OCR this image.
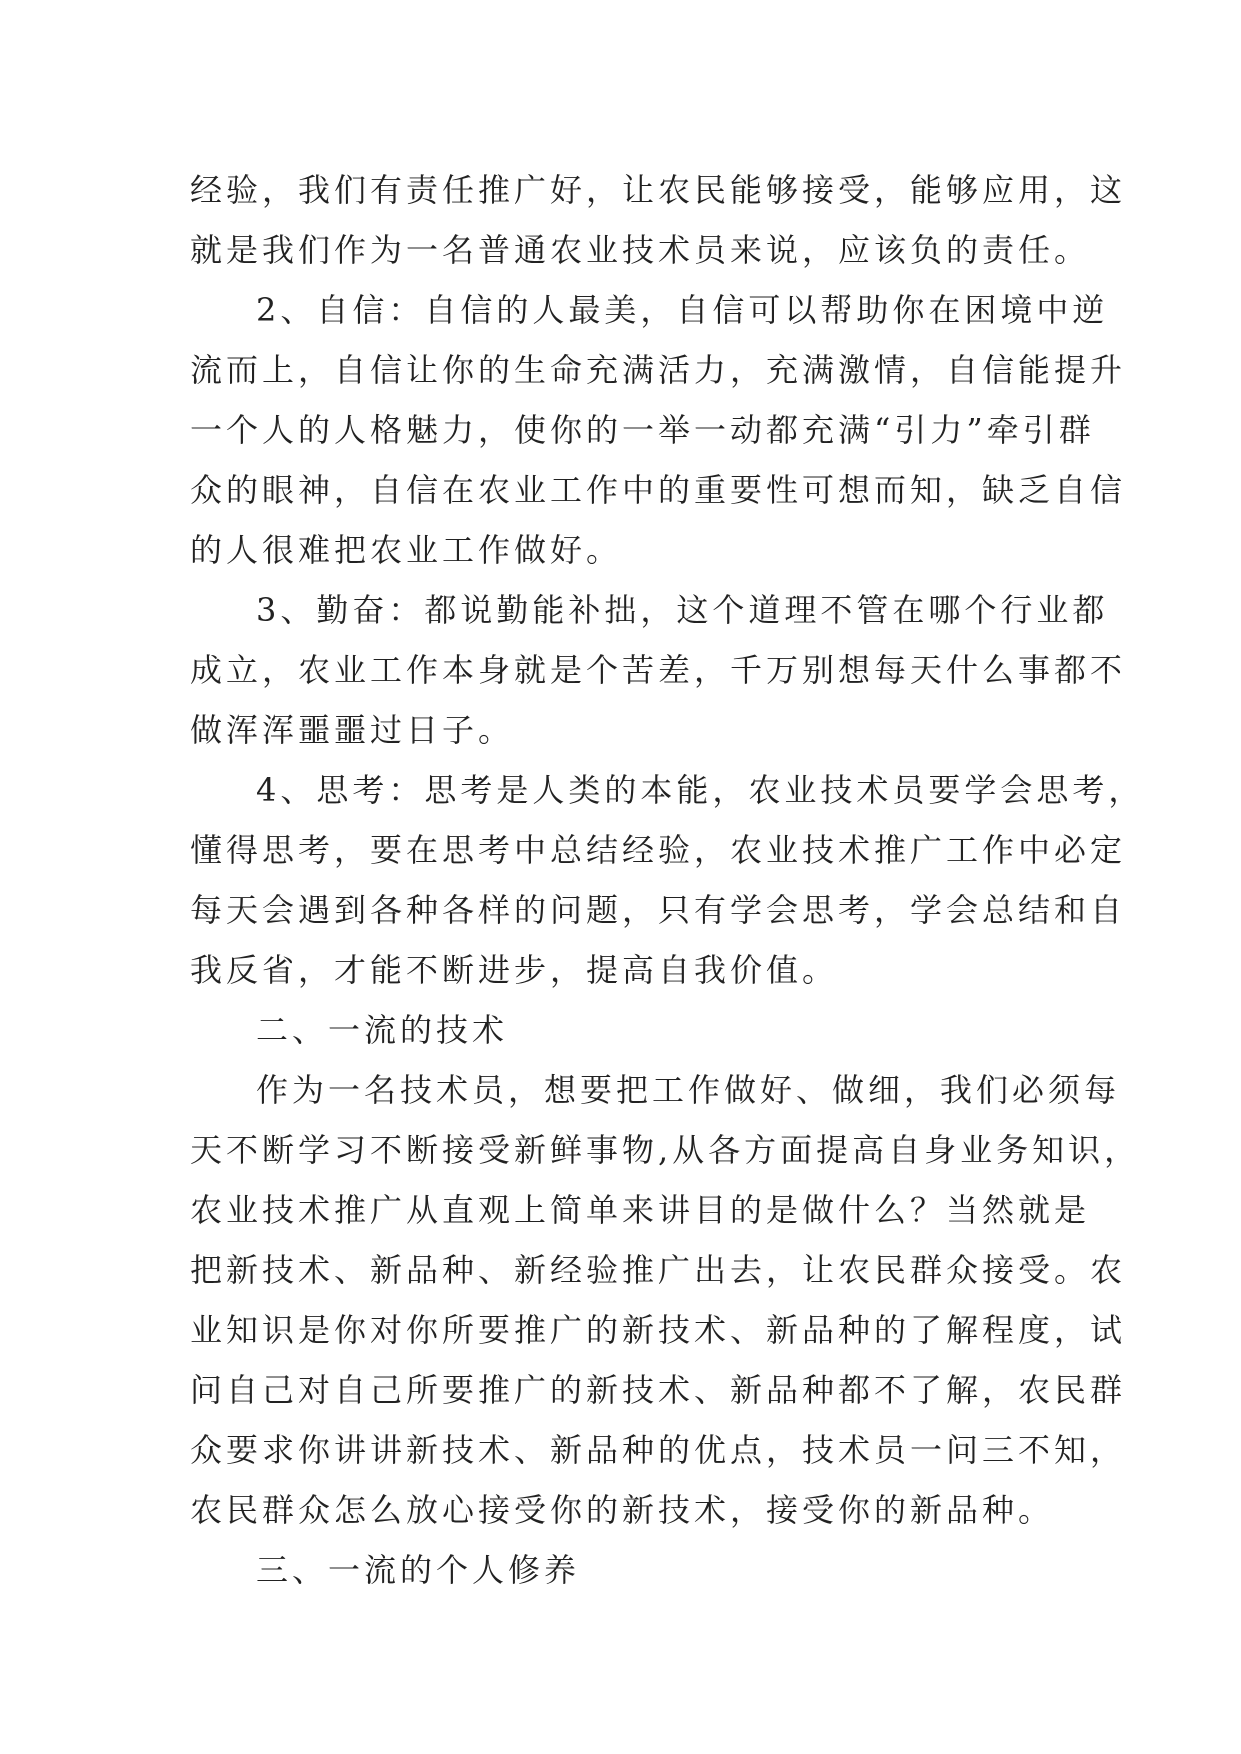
经验，我们有责任推广好，让农民能够接受，能够应用，这
就是我们作为一名普通农业技术员来说，应该负的责任。
2、自信：自信的人最美，自信可以帮助你在困境中逆
流而上，自信让你的生命充满活力，充满激情，自信能提升
一个人的人格魅力，使你的一举一动都充满“引力”牵引群
众的眼神，自信在农业工作中的重要性可想而知，缺乏自信
的人很难把农业工作做好。
3、勤奋：都说勤能补拙，这个道理不管在哪个行业都
成立，农业工作本身就是个苦差，千万别想每天什么事都不
做浑浑噩噩过日子。
4、思考：思考是人类的本能，农业技术员要学会思考，
懂得思考，要在思考中总结经验，农业技术推广工作中必定
每天会遇到各种各样的问题，只有学会思考，学会总结和自
我反省，才能不断进步，提高自我价值。
二、一流的技术
作为一名技术员，想要把工作做好、做细，我们必须每
天不断学习不断接受新鲜事物,从各方面提高自身业务知识，
农业技术推广从直观上简单来讲目的是做什么？当然就是
把新技术、新品种、新经验推广出去，让农民群众接受。农
业知识是你对你所要推广的新技术、新品种的了解程度，试
问自己对自己所要推广的新技术、新品种都不了解，农民群
众要求你讲讲新技术、新品种的优点，技术员一问三不知，
农民群众怎么放心接受你的新技术，接受你的新品种。
三、一流的个人修养
